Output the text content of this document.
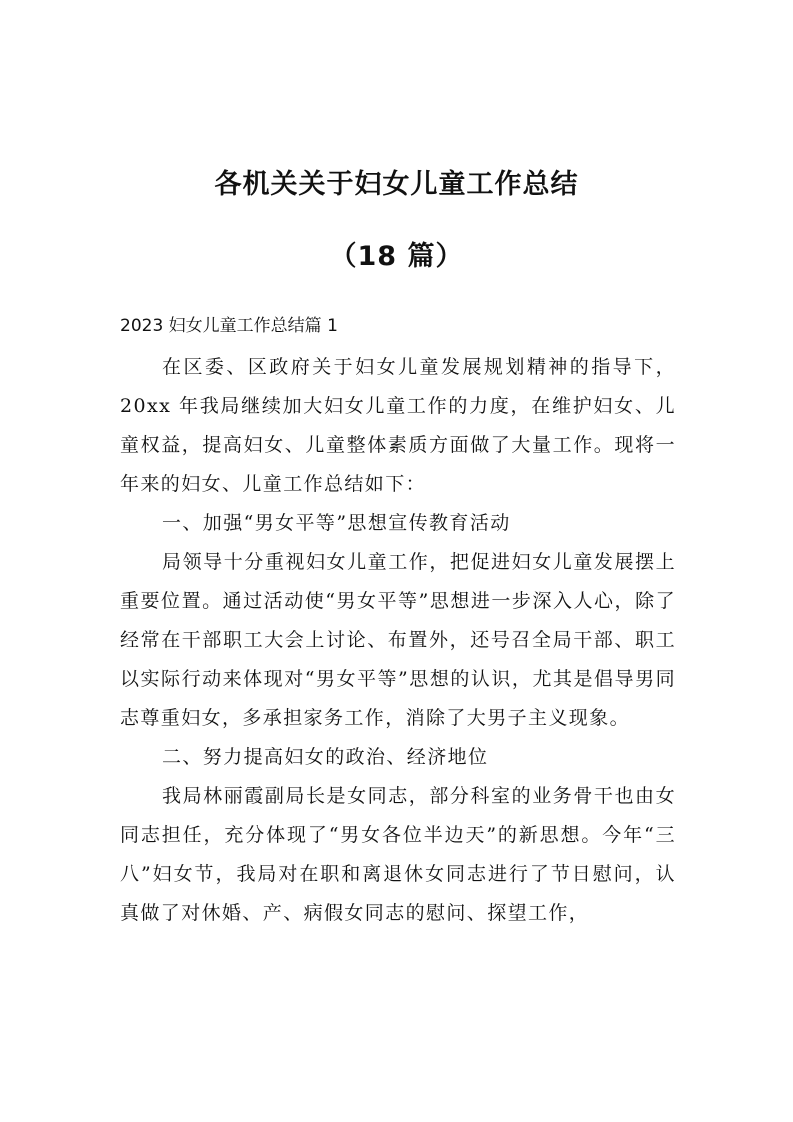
各机关关于妇女儿童工作总结
（18 篇）
2023 妇女儿童工作总结篇 1

在区委、区政府关于妇女儿童发展规划精神的指导下，20xx 年我局继续加大妇女儿童工作的力度，在维护妇女、儿童权益，提高妇女、儿童整体素质方面做了大量工作。现将一年来的妇女、儿童工作总结如下：

一、加强“男女平等”思想宣传教育活动

局领导十分重视妇女儿童工作，把促进妇女儿童发展摆上重要位置。通过活动使“男女平等”思想进一步深入人心，除了经常在干部职工大会上讨论、布置外，还号召全局干部、职工以实际行动来体现对“男女平等”思想的认识，尤其是倡导男同志尊重妇女，多承担家务工作，消除了大男子主义现象。

二、努力提高妇女的政治、经济地位

我局林丽霞副局长是女同志，部分科室的业务骨干也由女同志担任，充分体现了“男女各位半边天”的新思想。今年“三八”妇女节，我局对在职和离退休女同志进行了节日慰问，认真做了对休婚、产、病假女同志的慰问、探望工作，
